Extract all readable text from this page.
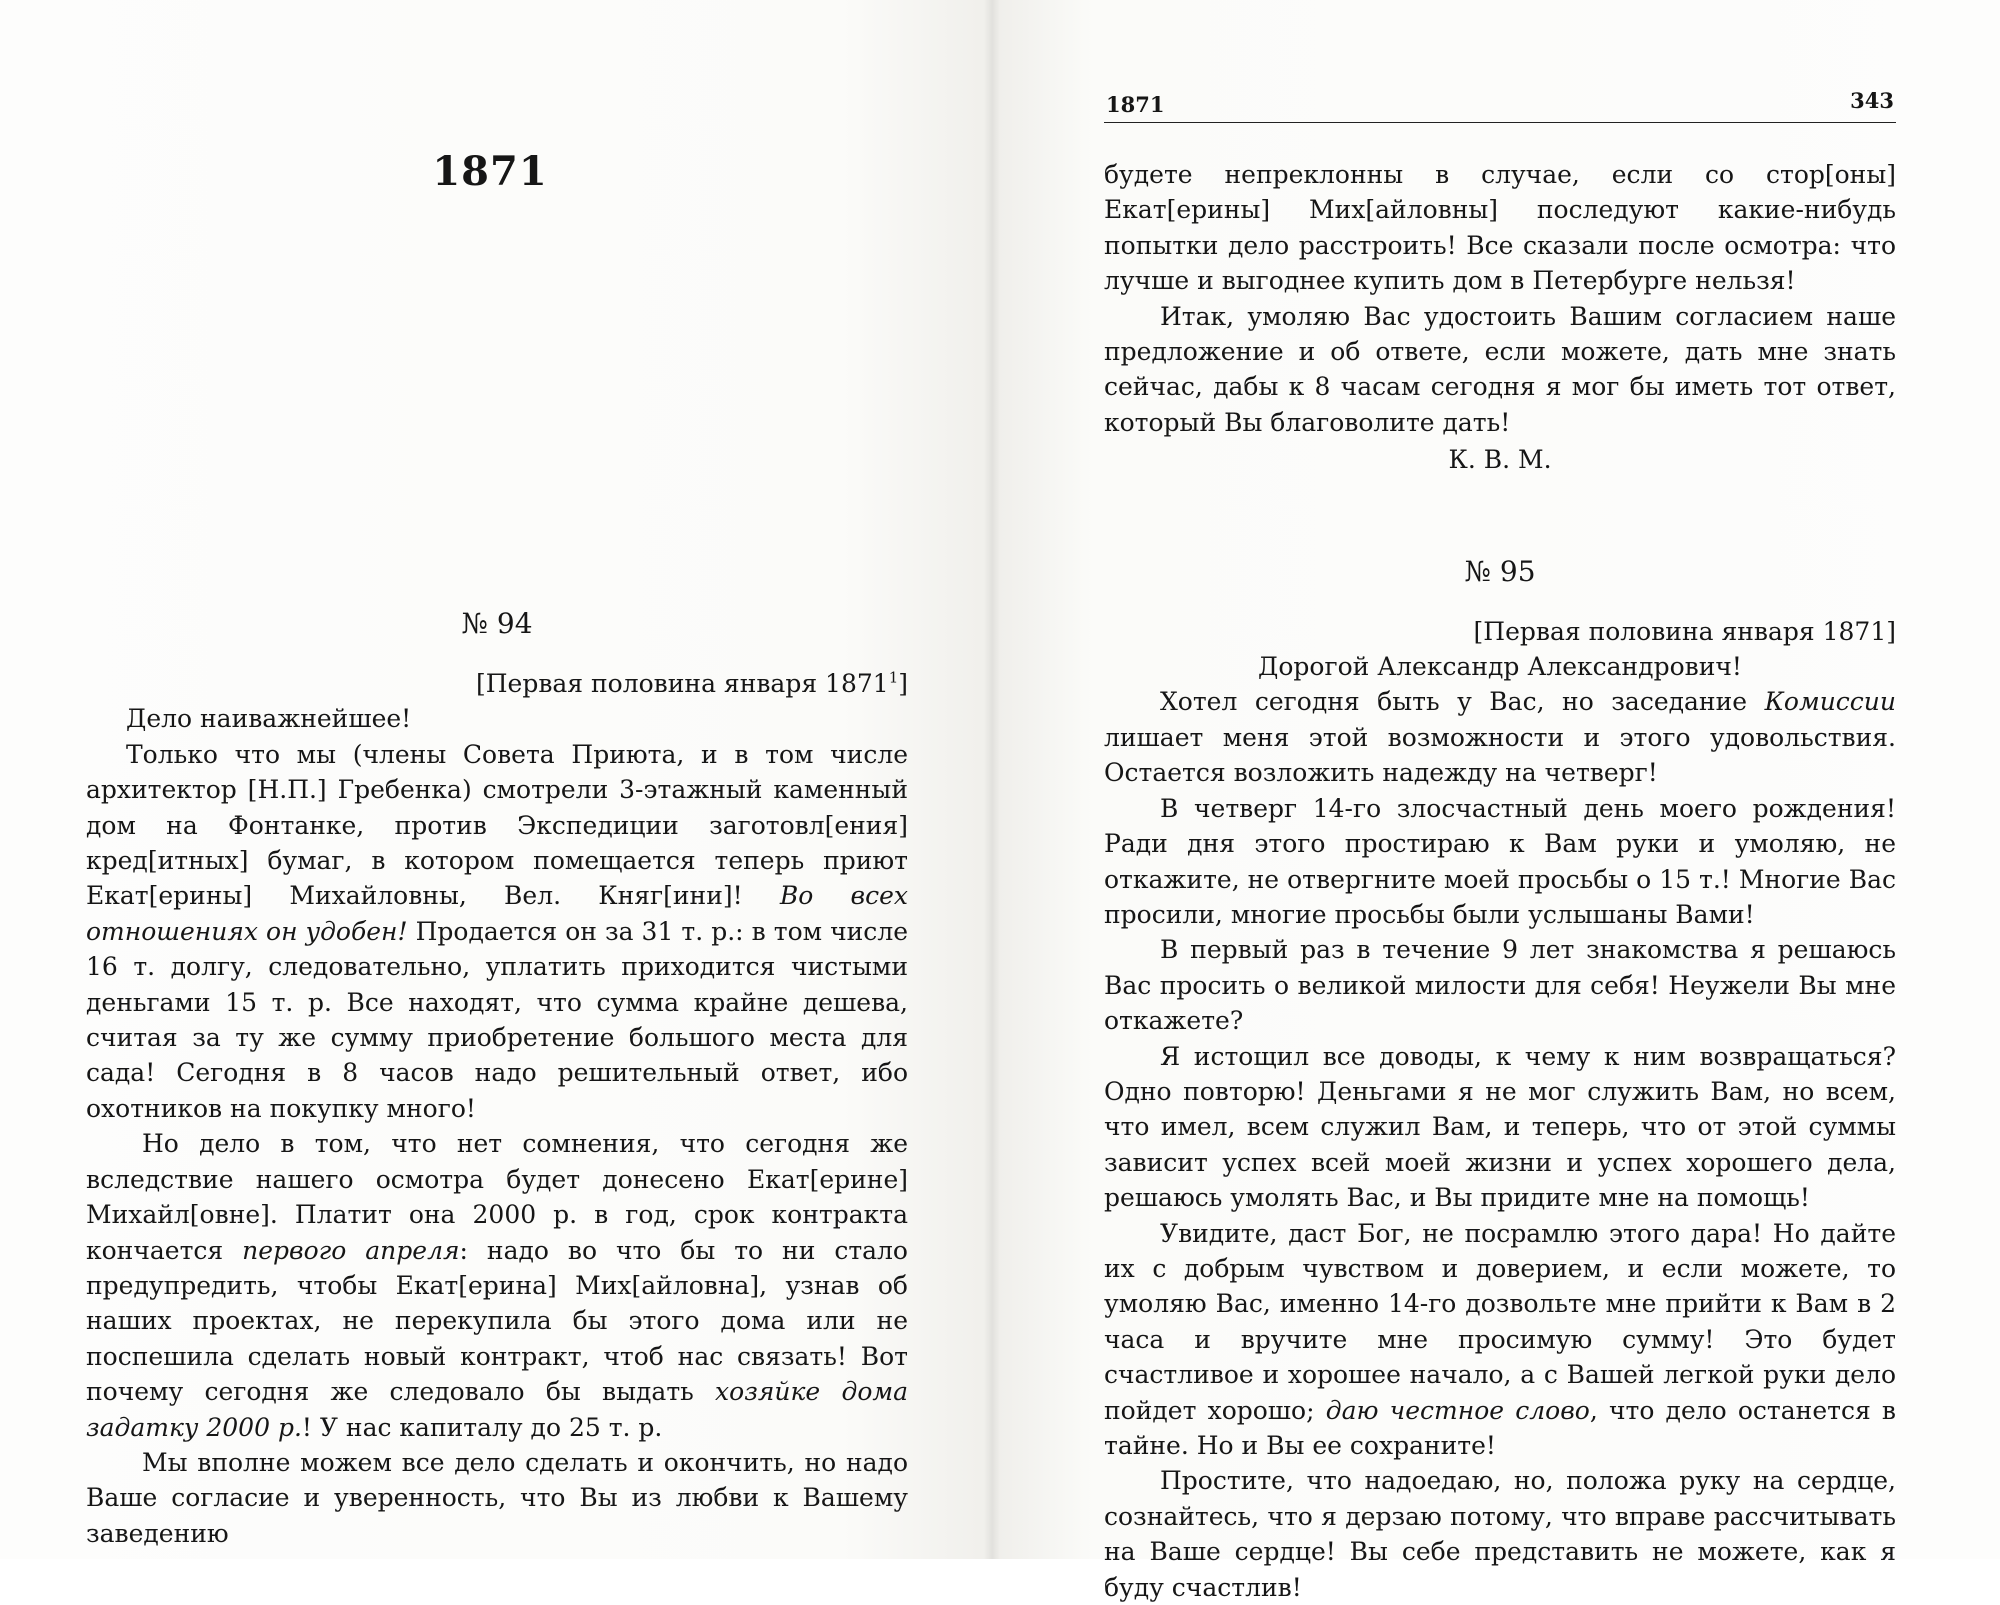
1871
№ 94

[Первая половина января 1871$^1$]

Дело наиважнейшее!

Только что мы (члены Совета Приюта, и в том числе архитектор [Н.П.] Гребенка) смотрели 3-этажный каменный дом на Фонтанке, против Экспедиции заготовл[ения] кред[итных] бумаг, в котором помещается теперь приют Екат[ерины] Михайловны, Вел. Княг[ини]! Во всех отношениях он удобен! Продается он за 31 т. р.: в том числе 16 т. долгу, следовательно, уплатить приходится чистыми деньгами 15 т. р. Все находят, что сумма крайне дешева, считая за ту же сумму приобретение большого места для сада! Сегодня в 8 часов надо решительный ответ, ибо охотников на покупку много!

Но дело в том, что нет сомнения, что сегодня же вследствие нашего осмотра будет донесено Екат[ерине] Михайл[овне]. Платит она 2000 р. в год, срок контракта кончается первого апреля: надо во что бы то ни стало предупредить, чтобы Екат[ерина] Мих[айловна], узнав об наших проектах, не перекупила бы этого дома или не поспешила сделать новый контракт, чтоб нас связать! Вот почему сегодня же следовало бы выдать хозяйке дома задатку 2000 р.! У нас капиталу до 25 т. р.

Мы вполне можем все дело сделать и окончить, но надо Ваше согласие и уверенность, что Вы из любви к Вашему заведению

1871	343

будете непреклонны в случае, если со стор[оны] Екат[ерины] Мих[айловны] последуют какие-нибудь попытки дело расстроить! Все сказали после осмотра: что лучше и выгоднее купить дом в Петербурге нельзя!

Итак, умоляю Вас удостоить Вашим согласием наше предложение и об ответе, если можете, дать мне знать сейчас, дабы к 8 часам сегодня я мог бы иметь тот ответ, который Вы благоволите дать!

К. В. М.

№ 95

[Первая половина января 1871]

Дорогой Александр Александрович!

Хотел сегодня быть у Вас, но заседание Комиссии лишает меня этой возможности и этого удовольствия. Остается возложить надежду на четверг!

В четверг 14-го злосчастный день моего рождения! Ради дня этого простираю к Вам руки и умоляю, не откажите, не отвергните моей просьбы о 15 т.! Многие Вас просили, многие просьбы были услышаны Вами!

В первый раз в течение 9 лет знакомства я решаюсь Вас просить о великой милости для себя! Неужели Вы мне откажете?

Я истощил все доводы, к чему к ним возвращаться? Одно повторю! Деньгами я не мог служить Вам, но всем, что имел, всем служил Вам, и теперь, что от этой суммы зависит успех всей моей жизни и успех хорошего дела, решаюсь умолять Вас, и Вы придите мне на помощь!

Увидите, даст Бог, не посрамлю этого дара! Но дайте их с добрым чувством и доверием, и если можете, то умоляю Вас, именно 14-го дозвольте мне прийти к Вам в 2 часа и вручите мне просимую сумму! Это будет счастливое и хорошее начало, а с Вашей легкой руки дело пойдет хорошо; даю честное слово, что дело останется в тайне. Но и Вы ее сохраните!

Простите, что надоедаю, но, положа руку на сердце, сознайтесь, что я дерзаю потому, что вправе рассчитывать на Ваше сердце! Вы себе представить не можете, как я буду счастлив!
